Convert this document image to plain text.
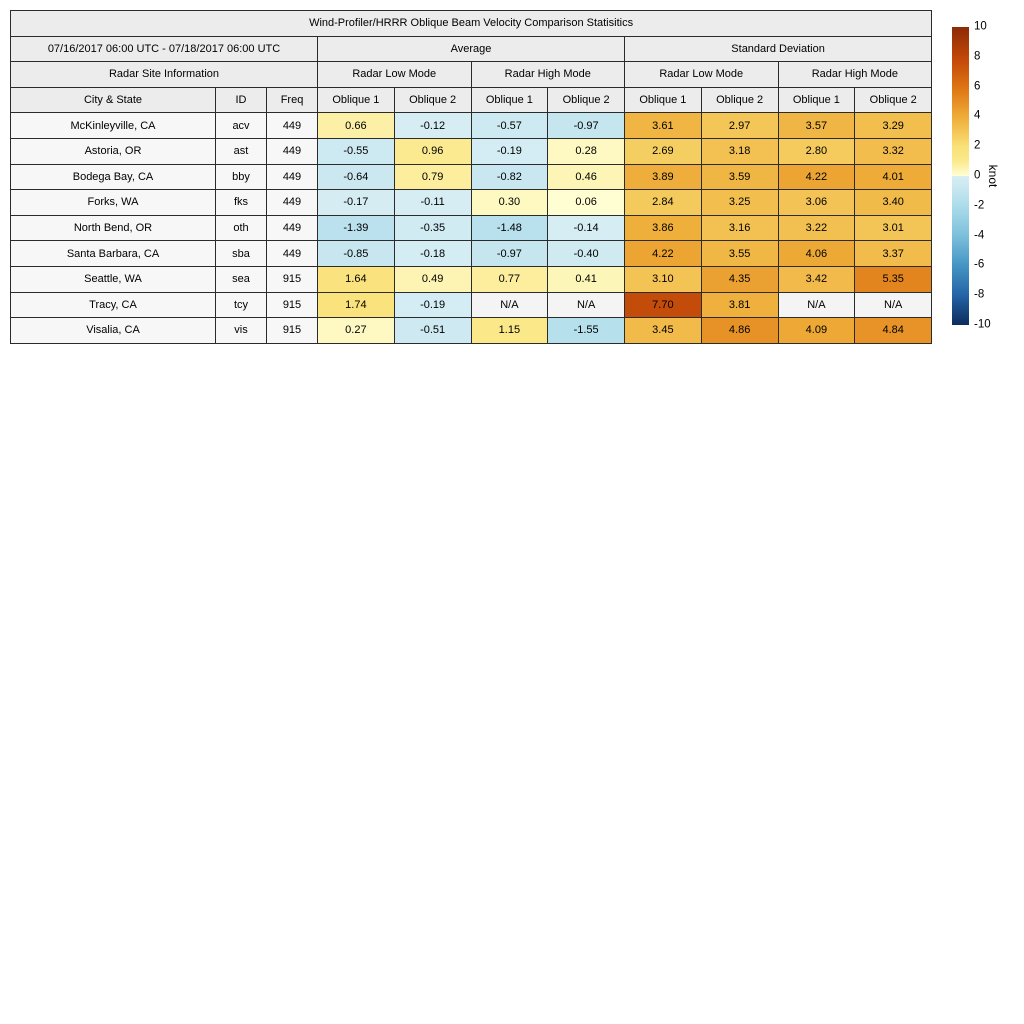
Wind-Profiler/HRRR Oblique Beam Velocity Comparison Statisitics										
07/16/2017 06:00 UTC - 07/18/2017 06:00 UTC			Average				Standard Deviation			
Radar Site Information			Radar Low Mode		Radar High Mode		Radar Low Mode		Radar High Mode	
City & State	ID	Freq	Oblique 1	Oblique 2	Oblique 1	Oblique 2	Oblique 1	Oblique 2	Oblique 1	Oblique 2
McKinleyville, CA	acv	449	0.66	-0.12	-0.57	-0.97	3.61	2.97	3.57	3.29
Astoria, OR	ast	449	-0.55	0.96	-0.19	0.28	2.69	3.18	2.80	3.32
Bodega Bay, CA	bby	449	-0.64	0.79	-0.82	0.46	3.89	3.59	4.22	4.01
Forks, WA	fks	449	-0.17	-0.11	0.30	0.06	2.84	3.25	3.06	3.40
North Bend, OR	oth	449	-1.39	-0.35	-1.48	-0.14	3.86	3.16	3.22	3.01
Santa Barbara, CA	sba	449	-0.85	-0.18	-0.97	-0.40	4.22	3.55	4.06	3.37
Seattle, WA	sea	915	1.64	0.49	0.77	0.41	3.10	4.35	3.42	5.35
Tracy, CA	tcy	915	1.74	-0.19	N/A	N/A	7.70	3.81	N/A	N/A
Visalia, CA	vis	915	0.27	-0.51	1.15	-1.55	3.45	4.86	4.09	4.84
10
8
6
4
2
0
-2
-4
-6
-8
-10
knot
